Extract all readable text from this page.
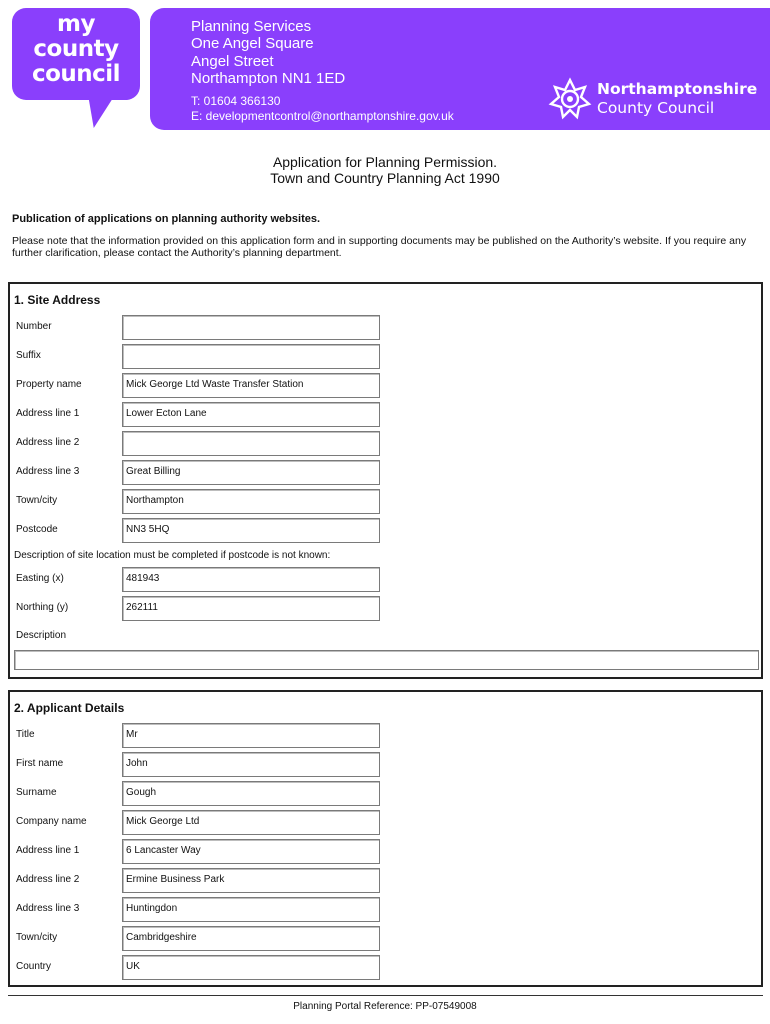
my
county
council
Planning Services
One Angel Square
Angel Street
Northampton NN1 1ED
T: 01604 366130
E: developmentcontrol@northamptonshire.gov.uk
Northamptonshire
County Council
Application for Planning Permission.
Town and Country Planning Act 1990
Publication of applications on planning authority websites.
Please note that the information provided on this application form and in supporting documents may be published on the Authority’s website. If you require any further clarification, please contact the Authority’s planning department.
1. Site Address
Number
Suffix
Property name	Mick George Ltd Waste Transfer Station
Address line 1	Lower Ecton Lane
Address line 2
Address line 3	Great Billing
Town/city	Northampton
Postcode	NN3 5HQ
Description of site location must be completed if postcode is not known:
Easting (x)	481943
Northing (y)	262111
Description
2. Applicant Details
Title	Mr
First name	John
Surname	Gough
Company name	Mick George Ltd
Address line 1	6 Lancaster Way
Address line 2	Ermine Business Park
Address line 3	Huntingdon
Town/city	Cambridgeshire
Country	UK
Planning Portal Reference: PP-07549008
